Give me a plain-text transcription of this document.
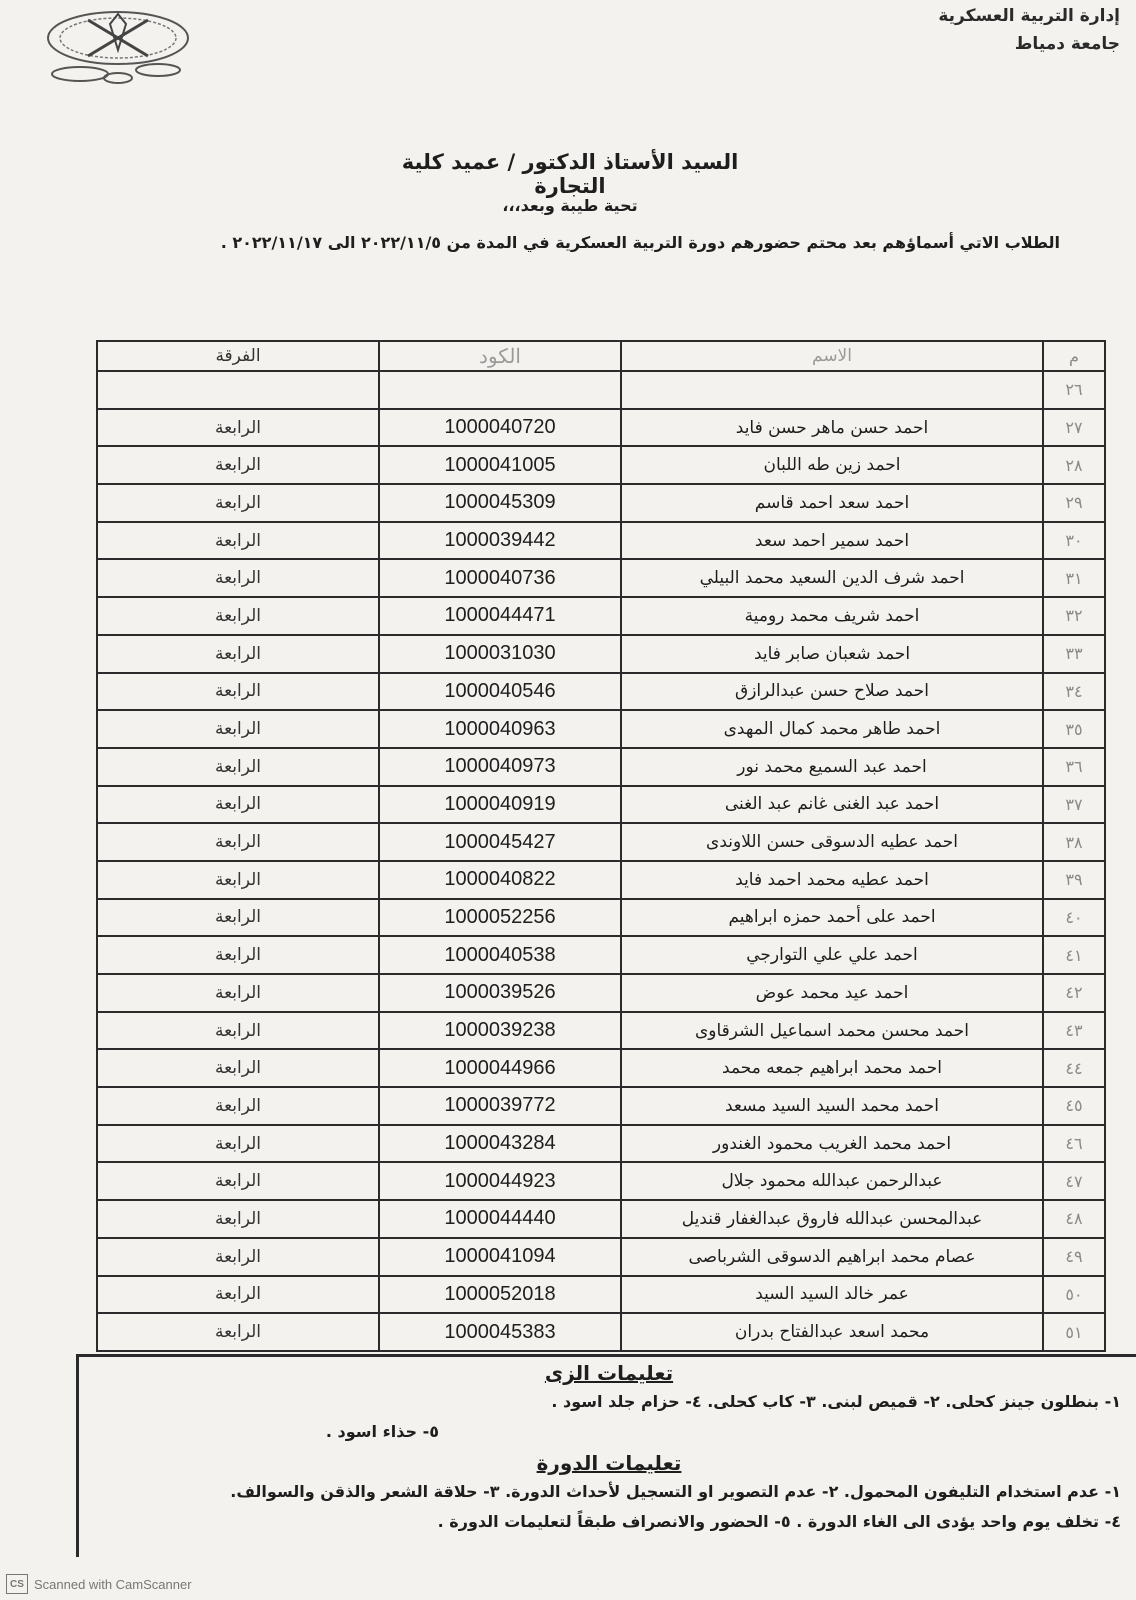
إدارة التربية العسكرية
جامعة دمياط
السيد الأستاذ الدكتور / عميد كلية التجارة
تحية طيبة وبعد،،،
الطلاب الاتي أسماؤهم بعد محتم حضورهم دورة التربية العسكرية في المدة من ٢٠٢٢/١١/٥ الى ٢٠٢٢/١١/١٧ .
م	الاسم	الكود	الفرقة
٢٦			
٢٧	احمد حسن ماهر حسن فايد	1000040720	الرابعة
٢٨	احمد زين طه اللبان	1000041005	الرابعة
٢٩	احمد سعد احمد قاسم	1000045309	الرابعة
٣٠	احمد سمير احمد سعد	1000039442	الرابعة
٣١	احمد شرف الدين السعيد محمد البيلي	1000040736	الرابعة
٣٢	احمد شريف محمد رومية	1000044471	الرابعة
٣٣	احمد شعبان صابر فايد	1000031030	الرابعة
٣٤	احمد صلاح حسن عبدالرازق	1000040546	الرابعة
٣٥	احمد طاهر محمد كمال المهدى	1000040963	الرابعة
٣٦	احمد عبد السميع محمد نور	1000040973	الرابعة
٣٧	احمد عبد الغنى غانم عبد الغنى	1000040919	الرابعة
٣٨	احمد عطيه الدسوقى حسن اللاوندى	1000045427	الرابعة
٣٩	احمد عطيه محمد احمد فايد	1000040822	الرابعة
٤٠	احمد على أحمد حمزه ابراهيم	1000052256	الرابعة
٤١	احمد علي علي التوارجي	1000040538	الرابعة
٤٢	احمد عيد محمد عوض	1000039526	الرابعة
٤٣	احمد محسن محمد اسماعيل الشرقاوى	1000039238	الرابعة
٤٤	احمد محمد ابراهيم جمعه محمد	1000044966	الرابعة
٤٥	احمد محمد السيد السيد مسعد	1000039772	الرابعة
٤٦	احمد محمد الغريب محمود الغندور	1000043284	الرابعة
٤٧	عبدالرحمن عبدالله محمود جلال	1000044923	الرابعة
٤٨	عبدالمحسن عبدالله فاروق عبدالغفار قنديل	1000044440	الرابعة
٤٩	عصام محمد ابراهيم الدسوقى الشرباصى	1000041094	الرابعة
٥٠	عمر خالد السيد السيد	1000052018	الرابعة
٥١	محمد اسعد عبدالفتاح بدران	1000045383	الرابعة
تعليمات الزى
١- بنطلون جينز كحلى. ٢- قميص لبنى. ٣- كاب كحلى. ٤- حزام جلد اسود .
٥- حذاء اسود .
تعليمات الدورة
١- عدم استخدام التليفون المحمول. ٢- عدم التصوير او التسجيل لأحداث الدورة. ٣- حلاقة الشعر والذقن والسوالف.
٤- تخلف يوم واحد يؤدى الى الغاء الدورة . ٥- الحضور والانصراف طبقاً لتعليمات الدورة .
CS Scanned with CamScanner
